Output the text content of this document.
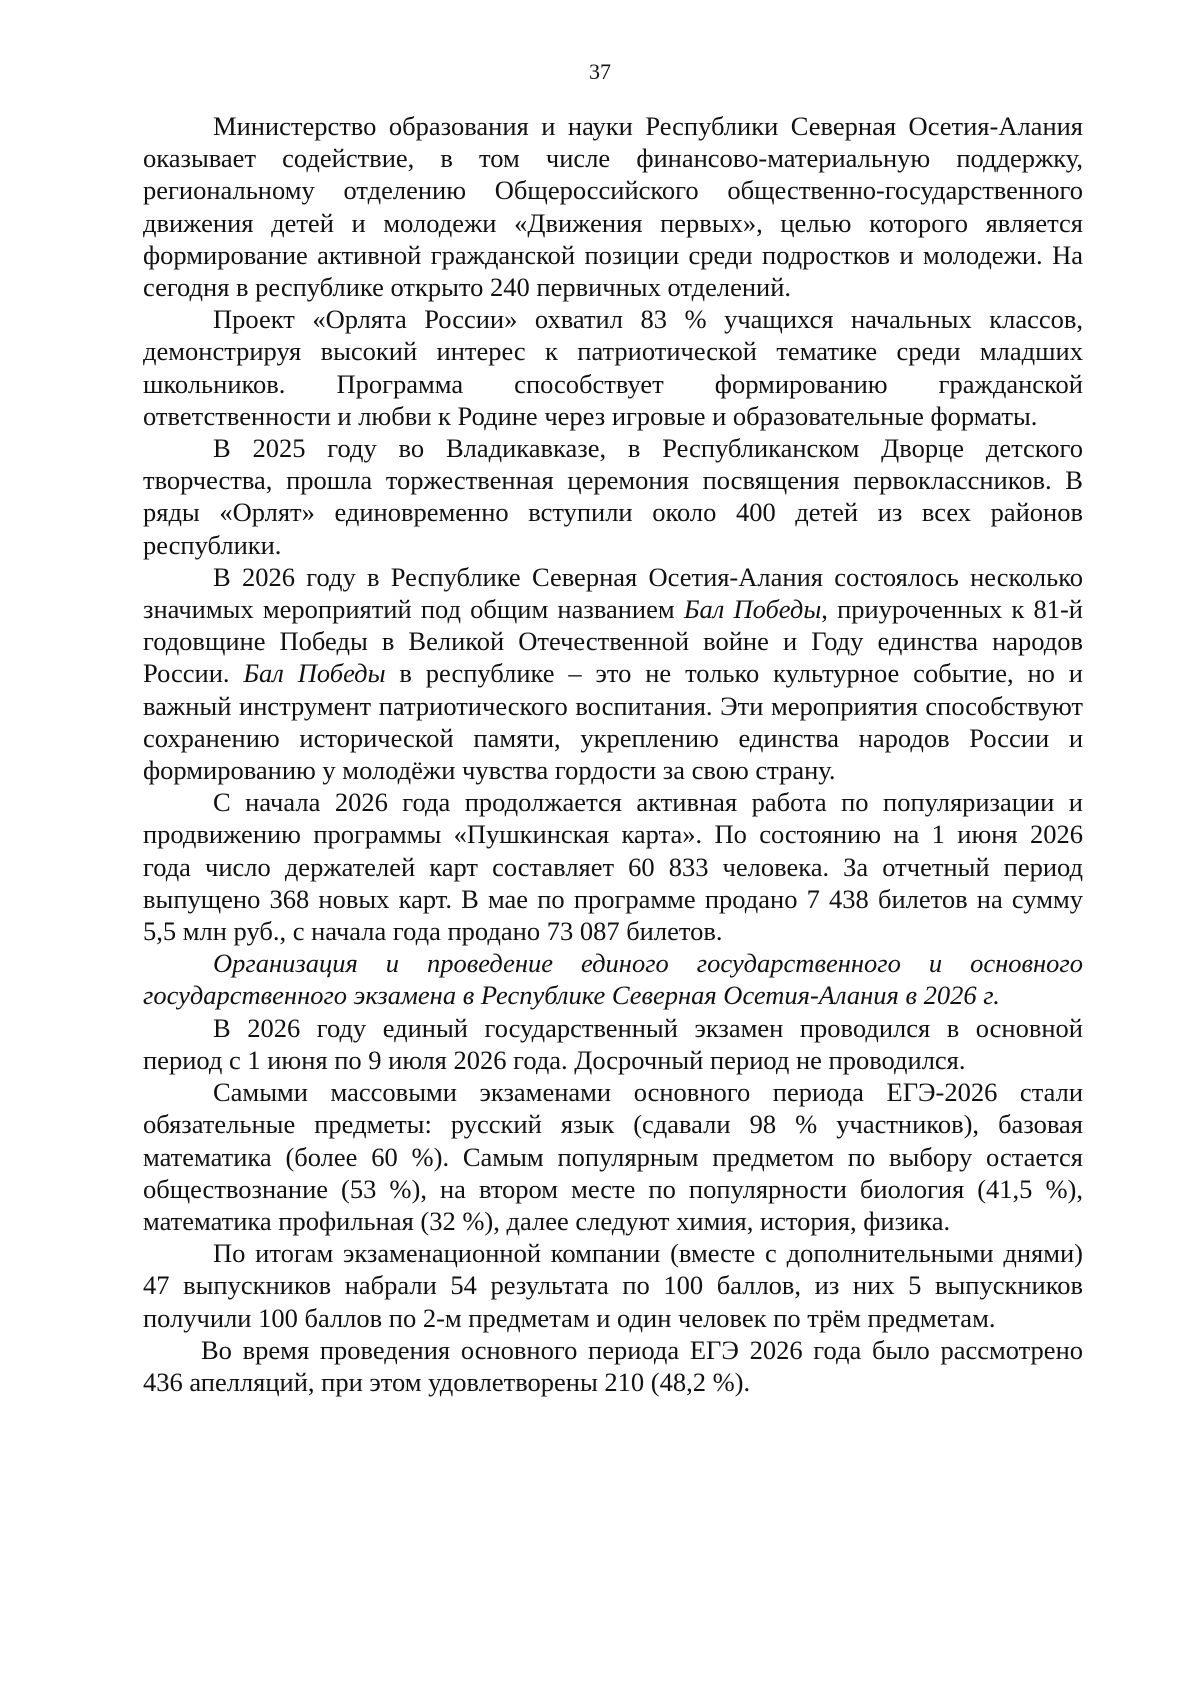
37

Министерство образования и науки Республики Северная Осетия-Алания оказывает содействие, в том числе финансово-материальную поддержку, региональному отделению Общероссийского общественно-государственного движения детей и молодежи «Движения первых», целью которого является формирование активной гражданской позиции среди подростков и молодежи. На сегодня в республике открыто 240 первичных отделений.

Проект «Орлята России» охватил 83 % учащихся начальных классов, демонстрируя высокий интерес к патриотической тематике среди младших школьников. Программа способствует формированию гражданской ответственности и любви к Родине через игровые и образовательные форматы.

В 2025 году во Владикавказе, в Республиканском Дворце детского творчества, прошла торжественная церемония посвящения первоклассников. В ряды «Орлят» единовременно вступили около 400 детей из всех районов республики.

В 2026 году в Республике Северная Осетия-Алания состоялось несколько значимых мероприятий под общим названием Бал Победы, приуроченных к 81-й годовщине Победы в Великой Отечественной войне и Году единства народов России. Бал Победы в республике – это не только культурное событие, но и важный инструмент патриотического воспитания. Эти мероприятия способствуют сохранению исторической памяти, укреплению единства народов России и формированию у молодёжи чувства гордости за свою страну.

С начала 2026 года продолжается активная работа по популяризации и продвижению программы «Пушкинская карта». По состоянию на 1 июня 2026 года число держателей карт составляет 60 833 человека. За отчетный период выпущено 368 новых карт. В мае по программе продано 7 438 билетов на сумму 5,5 млн руб., с начала года продано 73 087 билетов.

Организация и проведение единого государственного и основного государственного экзамена в Республике Северная Осетия-Алания в 2026 г.

В 2026 году единый государственный экзамен проводился в основной период с 1 июня по 9 июля 2026 года. Досрочный период не проводился.

Самыми массовыми экзаменами основного периода ЕГЭ-2026 стали обязательные предметы: русский язык (сдавали 98 % участников), базовая математика (более 60 %). Самым популярным предметом по выбору остается обществознание (53 %), на втором месте по популярности биология (41,5 %), математика профильная (32 %), далее следуют химия, история, физика.

По итогам экзаменационной компании (вместе с дополнительными днями) 47 выпускников набрали 54 результата по 100 баллов, из них 5 выпускников получили 100 баллов по 2-м предметам и один человек по трём предметам.

Во время проведения основного периода ЕГЭ 2026 года было рассмотрено 436 апелляций, при этом удовлетворены 210 (48,2 %).
